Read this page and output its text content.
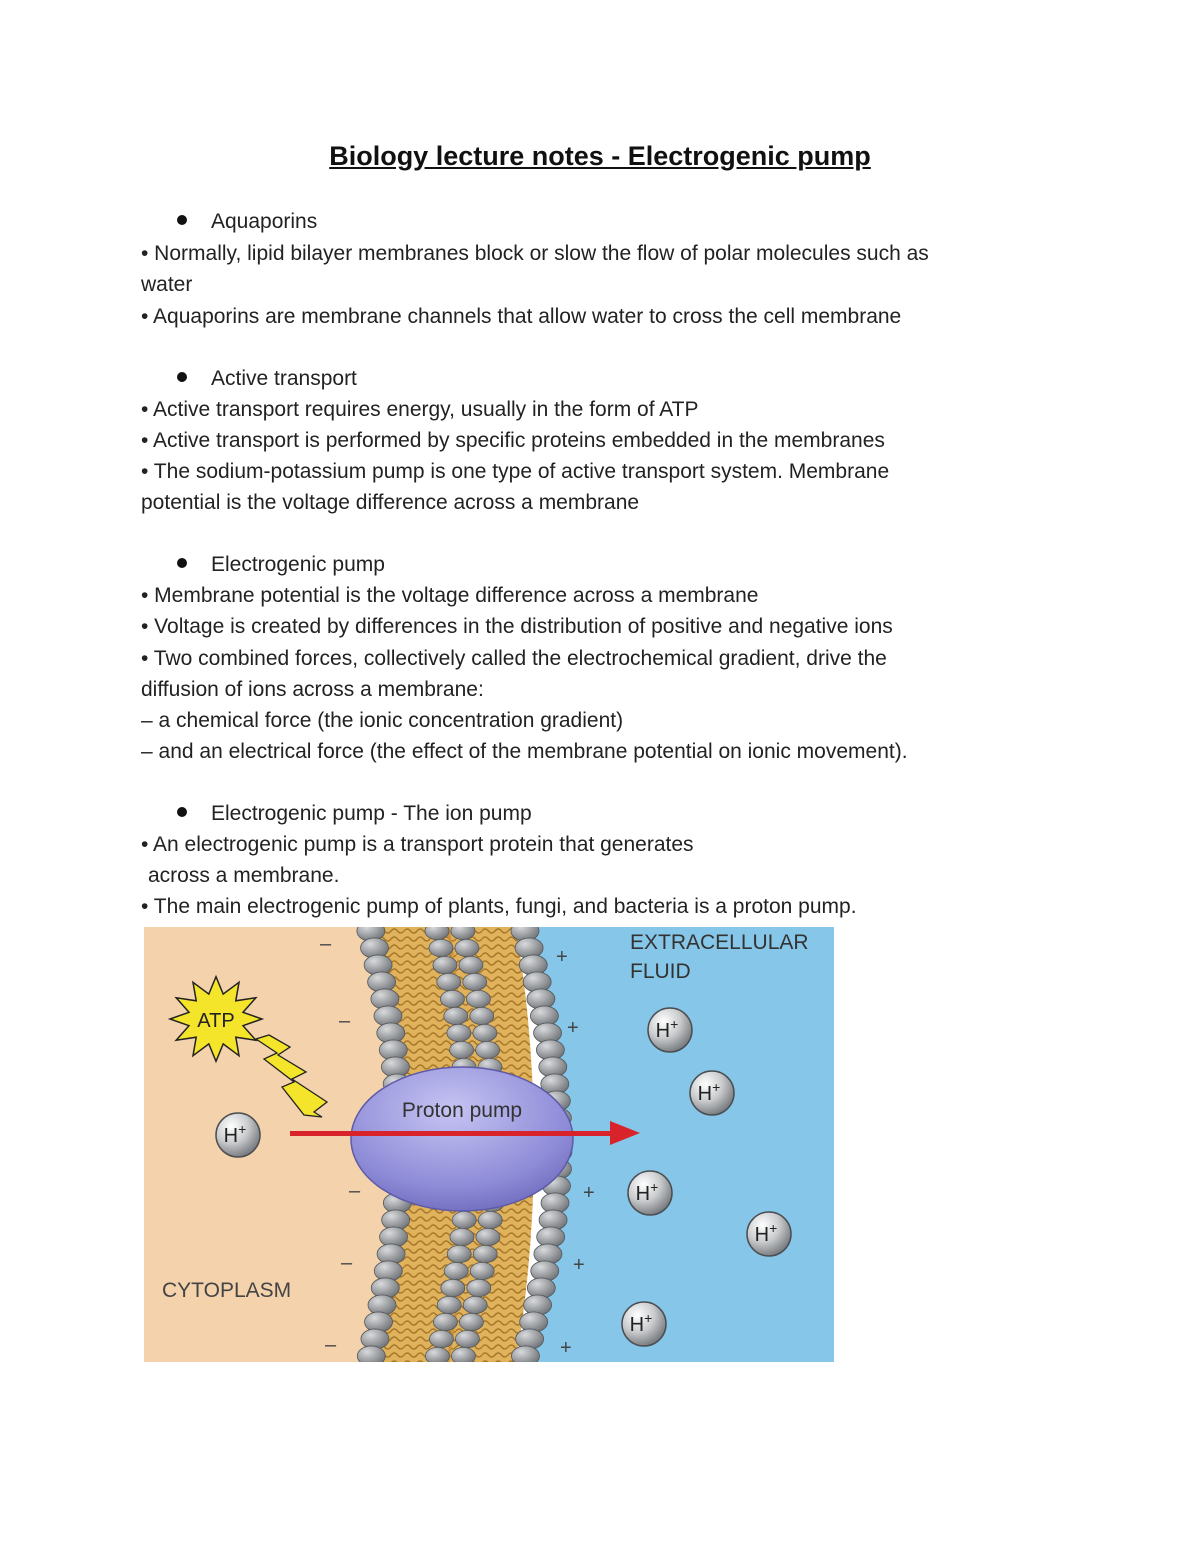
Biology lecture notes - Electrogenic pump
Aquaporins
• Normally, lipid bilayer membranes block or slow the flow of polar molecules such as
water
• Aquaporins are membrane channels that allow water to cross the cell membrane
Active transport
• Active transport requires energy, usually in the form of ATP
• Active transport is performed by specific proteins embedded in the membranes
• The sodium-potassium pump is one type of active transport system. Membrane
potential is the voltage difference across a membrane
Electrogenic pump
• Membrane potential is the voltage difference across a membrane
• Voltage is created by differences in the distribution of positive and negative ions
• Two combined forces, collectively called the electrochemical gradient, drive the
diffusion of ions across a membrane:
– a chemical force (the ionic concentration gradient)
– and an electrical force (the effect of the membrane potential on ionic movement).
Electrogenic pump - The ion pump
• An electrogenic pump is a transport protein that generates
across a membrane.
• The main electrogenic pump of plants, fungi, and bacteria is a proton pump.
–
–
–
–
–
+
+
+
+
+
EXTRACELLULAR
FLUID
CYTOPLASM
ATP
Proton pump
H+
H+
H+
H+
H+
H+
